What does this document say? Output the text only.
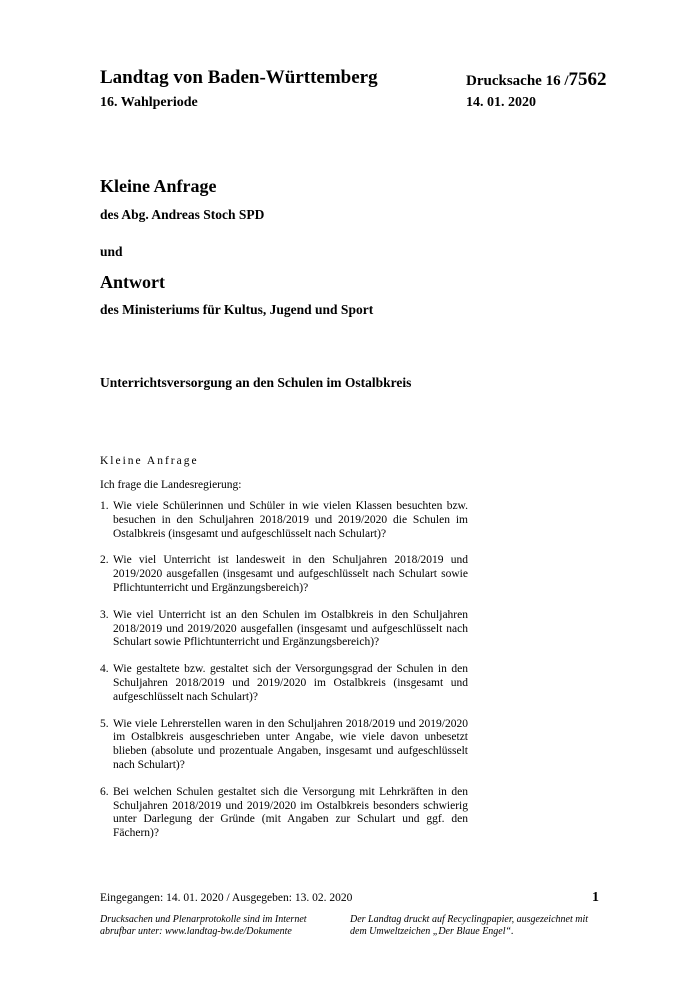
Landtag von Baden-Württemberg	Drucksache 16 /7562
16. Wahlperiode	14. 01. 2020
Kleine Anfrage
des Abg. Andreas Stoch SPD
und
Antwort
des Ministeriums für Kultus, Jugend und Sport
Unterrichtsversorgung an den Schulen im Ostalbkreis
Kleine Anfrage
Ich frage die Landesregierung:
1. Wie viele Schülerinnen und Schüler in wie vielen Klassen besuchten bzw. besuchen in den Schuljahren 2018/2019 und 2019/2020 die Schulen im Ostalbkreis (insgesamt und aufgeschlüsselt nach Schulart)?
2. Wie viel Unterricht ist landesweit in den Schuljahren 2018/2019 und 2019/2020 ausgefallen (insgesamt und aufgeschlüsselt nach Schulart sowie Pflichtunterricht und Ergänzungsbereich)?
3. Wie viel Unterricht ist an den Schulen im Ostalbkreis in den Schuljahren 2018/2019 und 2019/2020 ausgefallen (insgesamt und aufgeschlüsselt nach Schulart sowie Pflichtunterricht und Ergänzungsbereich)?
4. Wie gestaltete bzw. gestaltet sich der Versorgungsgrad der Schulen in den Schuljahren 2018/2019 und 2019/2020 im Ostalbkreis (insgesamt und aufgeschlüsselt nach Schulart)?
5. Wie viele Lehrerstellen waren in den Schuljahren 2018/2019 und 2019/2020 im Ostalbkreis ausgeschrieben unter Angabe, wie viele davon unbesetzt blieben (absolute und prozentuale Angaben, insgesamt und aufgeschlüsselt nach Schulart)?
6. Bei welchen Schulen gestaltet sich die Versorgung mit Lehrkräften in den Schuljahren 2018/2019 und 2019/2020 im Ostalbkreis besonders schwierig unter Darlegung der Gründe (mit Angaben zur Schulart und ggf. den Fächern)?
Eingegangen: 14. 01. 2020 / Ausgegeben: 13. 02. 2020	1
Drucksachen und Plenarprotokolle sind im Internet abrufbar unter: www.landtag-bw.de/Dokumente
Der Landtag druckt auf Recyclingpapier, ausgezeichnet mit dem Umweltzeichen „Der Blaue Engel“.
